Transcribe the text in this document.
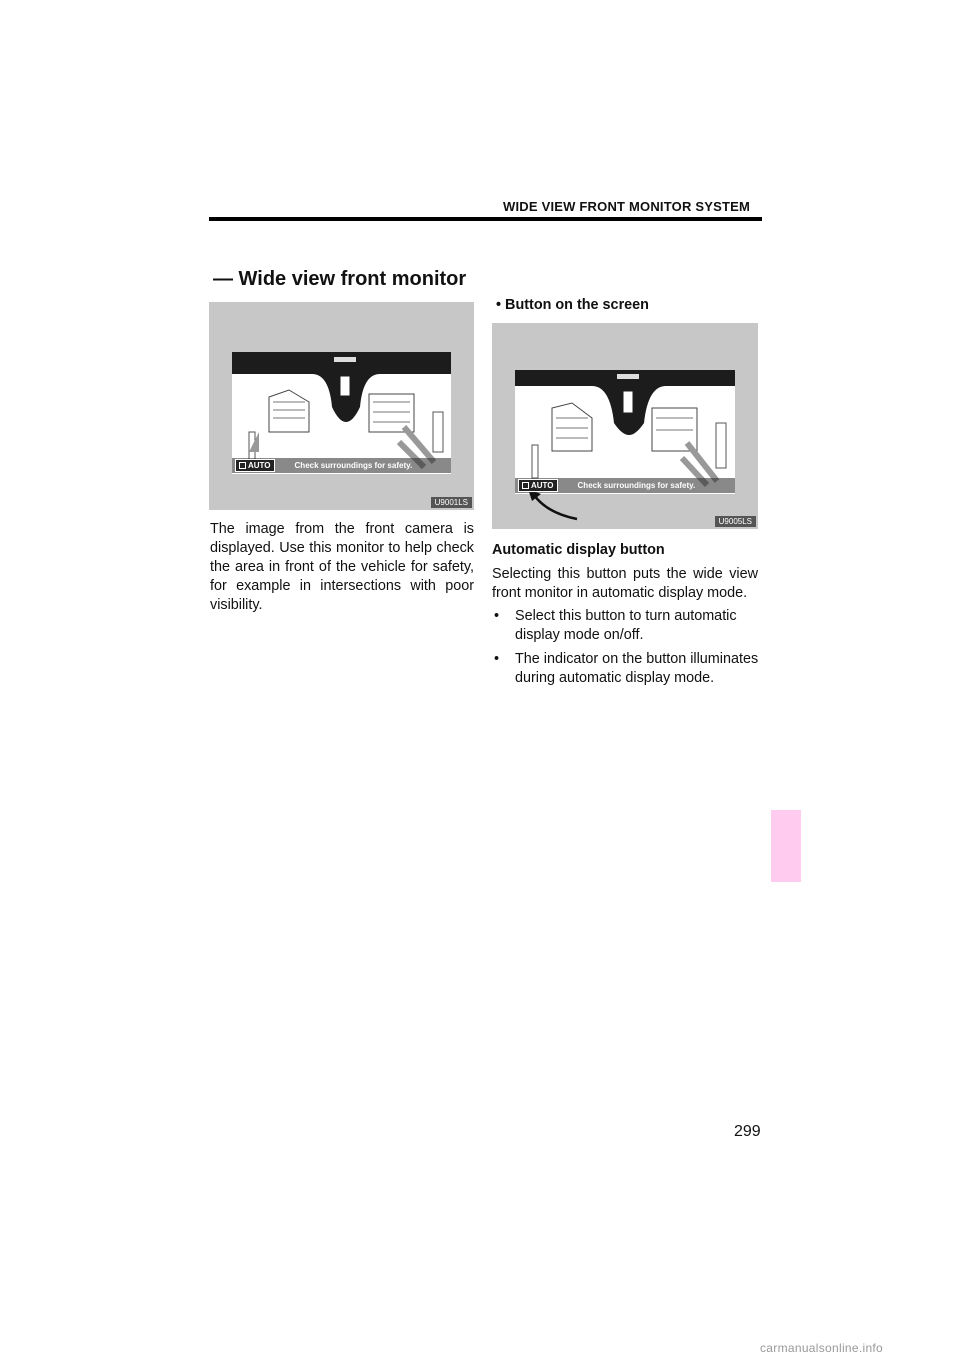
WIDE VIEW FRONT MONITOR SYSTEM
— Wide view front monitor
AUTO	Check surroundings for safety.
U9001LS

The image from the front camera is displayed. Use this monitor to help check the area in front of the vehicle for safety, for example in intersections with poor visibility.

• Button on the screen
AUTO	Check surroundings for safety.
U9005LS
Automatic display button

Selecting this button puts the wide view front monitor in automatic display mode.

• Select this button to turn automatic display mode on/off.
• The indicator on the button illuminates during automatic display mode.
299
carmanualsonline.info
